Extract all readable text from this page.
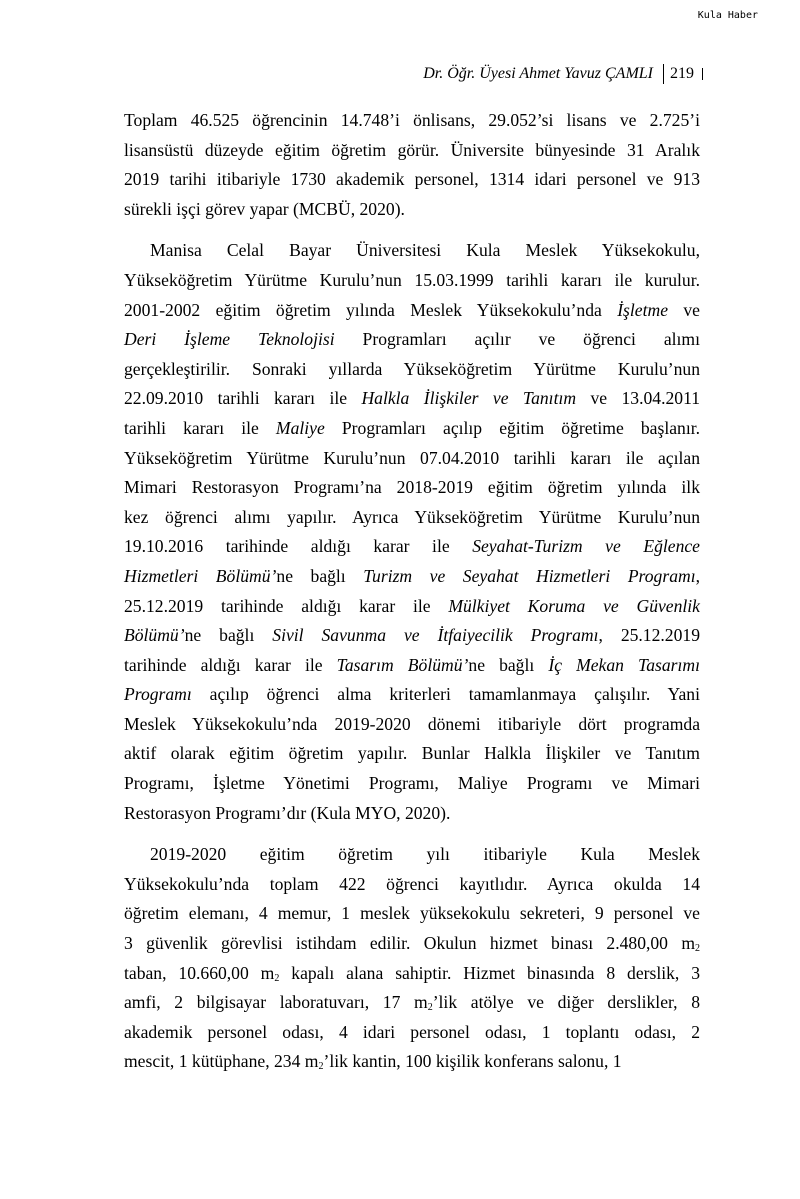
Kula Haber
Dr. Öğr. Üyesi Ahmet Yavuz ÇAMLI 219
Toplam 46.525 öğrencinin 14.748’i önlisans, 29.052’si lisans ve 2.725’i
lisansüstü düzeyde eğitim öğretim görür. Üniversite bünyesinde 31 Aralık
2019 tarihi itibariyle 1730 akademik personel, 1314 idari personel ve 913
sürekli işçi görev yapar (MCBÜ, 2020).
Manisa Celal Bayar Üniversitesi Kula Meslek Yüksekokulu,
Yükseköğretim Yürütme Kurulu’nun 15.03.1999 tarihli kararı ile kurulur.
2001-2002 eğitim öğretim yılında Meslek Yüksekokulu’nda İşletme ve
Deri İşleme Teknolojisi Programları açılır ve öğrenci alımı
gerçekleştirilir. Sonraki yıllarda Yükseköğretim Yürütme Kurulu’nun
22.09.2010 tarihli kararı ile Halkla İlişkiler ve Tanıtım ve 13.04.2011
tarihli kararı ile Maliye Programları açılıp eğitim öğretime başlanır.
Yükseköğretim Yürütme Kurulu’nun 07.04.2010 tarihli kararı ile açılan
Mimari Restorasyon Programı’na 2018-2019 eğitim öğretim yılında ilk
kez öğrenci alımı yapılır. Ayrıca Yükseköğretim Yürütme Kurulu’nun
19.10.2016 tarihinde aldığı karar ile Seyahat-Turizm ve Eğlence
Hizmetleri Bölümü’ne bağlı Turizm ve Seyahat Hizmetleri Programı,
25.12.2019 tarihinde aldığı karar ile Mülkiyet Koruma ve Güvenlik
Bölümü’ne bağlı Sivil Savunma ve İtfaiyecilik Programı, 25.12.2019
tarihinde aldığı karar ile Tasarım Bölümü’ne bağlı İç Mekan Tasarımı
Programı açılıp öğrenci alma kriterleri tamamlanmaya çalışılır. Yani
Meslek Yüksekokulu’nda 2019-2020 dönemi itibariyle dört programda
aktif olarak eğitim öğretim yapılır. Bunlar Halkla İlişkiler ve Tanıtım
Programı, İşletme Yönetimi Programı, Maliye Programı ve Mimari
Restorasyon Programı’dır (Kula MYO, 2020).
2019-2020 eğitim öğretim yılı itibariyle Kula Meslek
Yüksekokulu’nda toplam 422 öğrenci kayıtlıdır. Ayrıca okulda 14
öğretim elemanı, 4 memur, 1 meslek yüksekokulu sekreteri, 9 personel ve
3 güvenlik görevlisi istihdam edilir. Okulun hizmet binası 2.480,00 $m_2$
taban, 10.660,00 $m_2$ kapalı alana sahiptir. Hizmet binasında 8 derslik, 3
amfi, 2 bilgisayar laboratuvarı, 17 $m_2’lik$ atölye ve diğer derslikler, 8
akademik personel odası, 4 idari personel odası, 1 toplantı odası, 2
mescit, 1 kütüphane, 234 $m_2’lik$ kantin, 100 kişilik konferans salonu, 1
